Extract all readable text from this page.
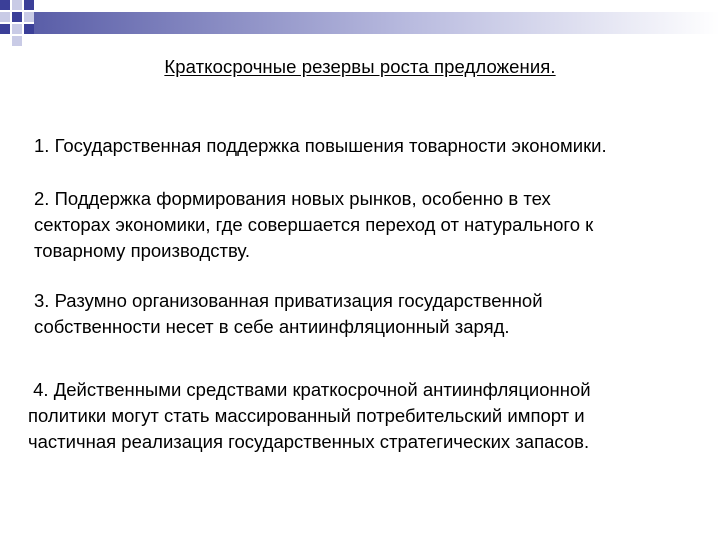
Краткосрочные резервы роста предложения.
1. Государственная поддержка повышения товарности экономики.
2. Поддержка формирования новых рынков, особенно в тех
секторах экономики, где совершается переход от натурального к
товарному производству.
3. Разумно организованная приватизация государственной
собственности несет в себе антиинфляционный заряд.
4. Действенными средствами краткосрочной антиинфляционной
политики могут стать массированный потребительский импорт и
частичная реализация государственных стратегических запасов.
